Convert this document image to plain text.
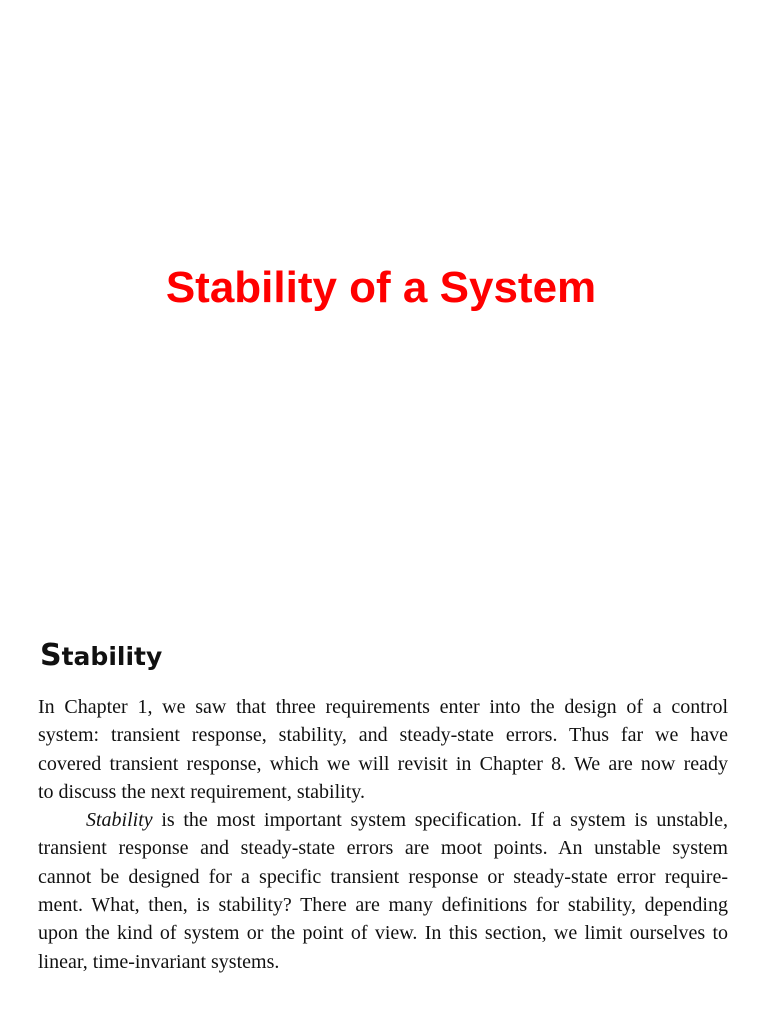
Stability of a System
Stability
In Chapter 1, we saw that three requirements enter into the design of a control
system: transient response, stability, and steady-state errors. Thus far we have
covered transient response, which we will revisit in Chapter 8. We are now ready
to discuss the next requirement, stability.
Stability is the most important system specification. If a system is unstable,
transient response and steady-state errors are moot points. An unstable system
cannot be designed for a specific transient response or steady-state error require-
ment. What, then, is stability? There are many definitions for stability, depending
upon the kind of system or the point of view. In this section, we limit ourselves to
linear, time-invariant systems.
